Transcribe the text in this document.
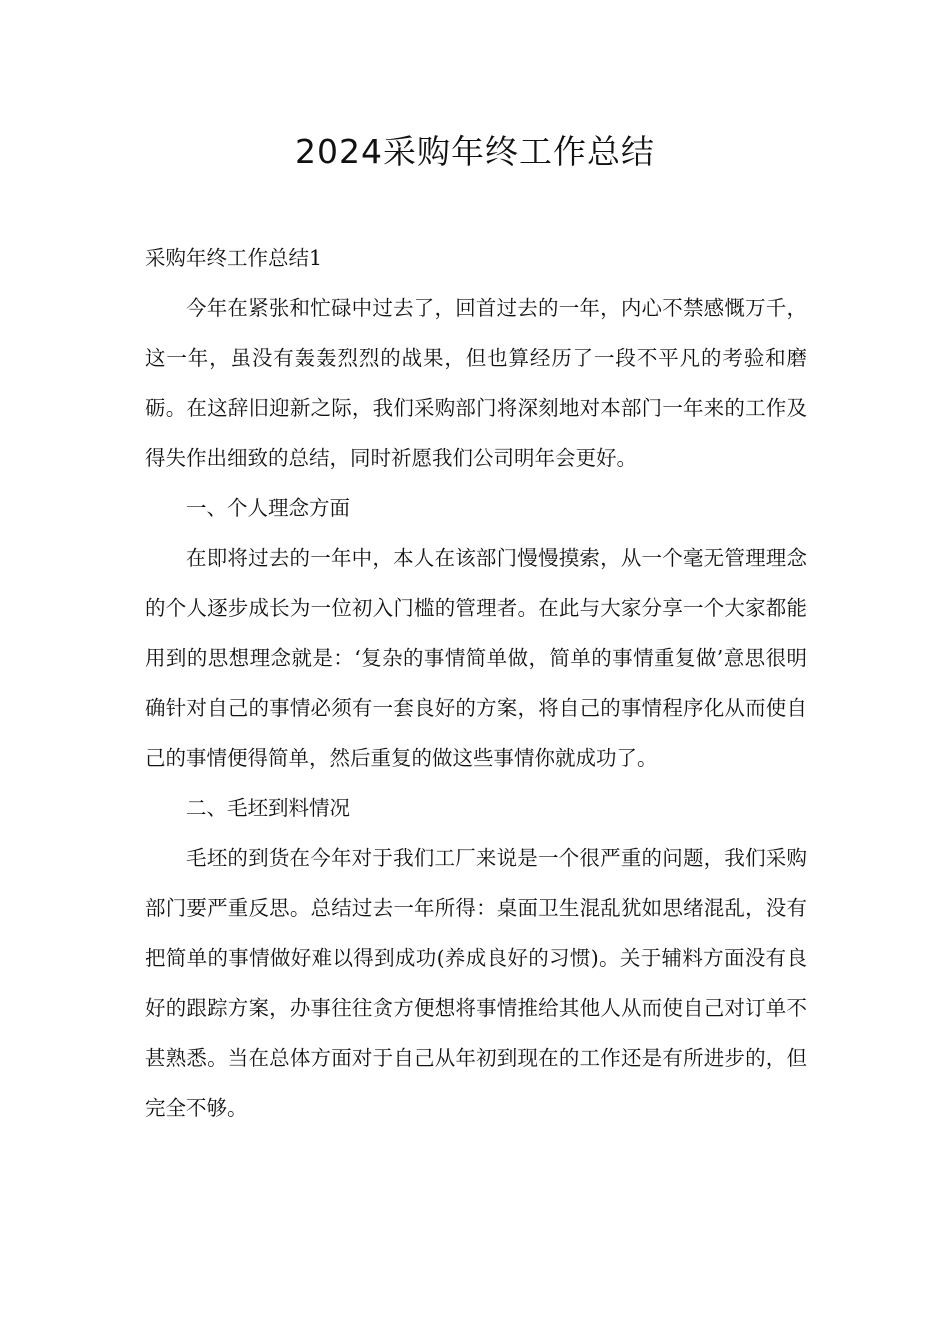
2024采购年终工作总结

采购年终工作总结1

今年在紧张和忙碌中过去了，回首过去的一年，内心不禁感慨万千，这一年，虽没有轰轰烈烈的战果，但也算经历了一段不平凡的考验和磨砺。在这辞旧迎新之际，我们采购部门将深刻地对本部门一年来的工作及得失作出细致的总结，同时祈愿我们公司明年会更好。

一、个人理念方面

在即将过去的一年中，本人在该部门慢慢摸索，从一个毫无管理理念的个人逐步成长为一位初入门槛的管理者。在此与大家分享一个大家都能用到的思想理念就是：‘复杂的事情简单做，简单的事情重复做’意思很明确针对自己的事情必须有一套良好的方案，将自己的事情程序化从而使自己的事情便得简单，然后重复的做这些事情你就成功了。

二、毛坯到料情况

毛坯的到货在今年对于我们工厂来说是一个很严重的问题，我们采购部门要严重反思。总结过去一年所得：桌面卫生混乱犹如思绪混乱，没有把简单的事情做好难以得到成功(养成良好的习惯)。关于辅料方面没有良好的跟踪方案，办事往往贪方便想将事情推给其他人从而使自己对订单不甚熟悉。当在总体方面对于自己从年初到现在的工作还是有所进步的，但完全不够。
